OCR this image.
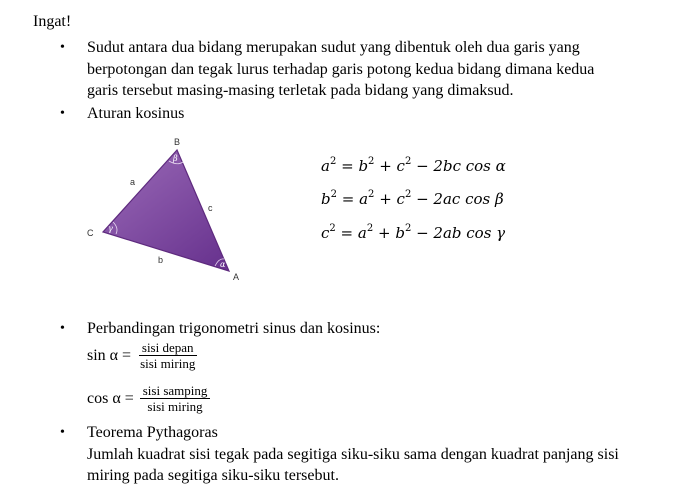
Ingat!
• Sudut antara dua bidang merupakan sudut yang dibentuk oleh dua garis yang
berpotongan dan tegak lurus terhadap garis potong kedua bidang dimana kedua
garis tersebut masing-masing terletak pada bidang yang dimaksud.
• Aturan kosinus
B
C
A
a
c
b
β
γ
α
$a^2 = b^2 + c^2 - 2bc$ cos α
$b^2 = a^2 + c^2 - 2ac$ cos β
$c^2 = a^2 + b^2 - 2ab$ cos γ
• Perbandingan trigonometri sinus dan kosinus:
$\sin \alpha = \frac{\text{sisi depan}}{\text{sisi miring}}$
$\cos \alpha = \frac{\text{sisi samping}}{\text{sisi miring}}$
• Teorema Pythagoras
Jumlah kuadrat sisi tegak pada segitiga siku-siku sama dengan kuadrat panjang sisi
miring pada segitiga siku-siku tersebut.
